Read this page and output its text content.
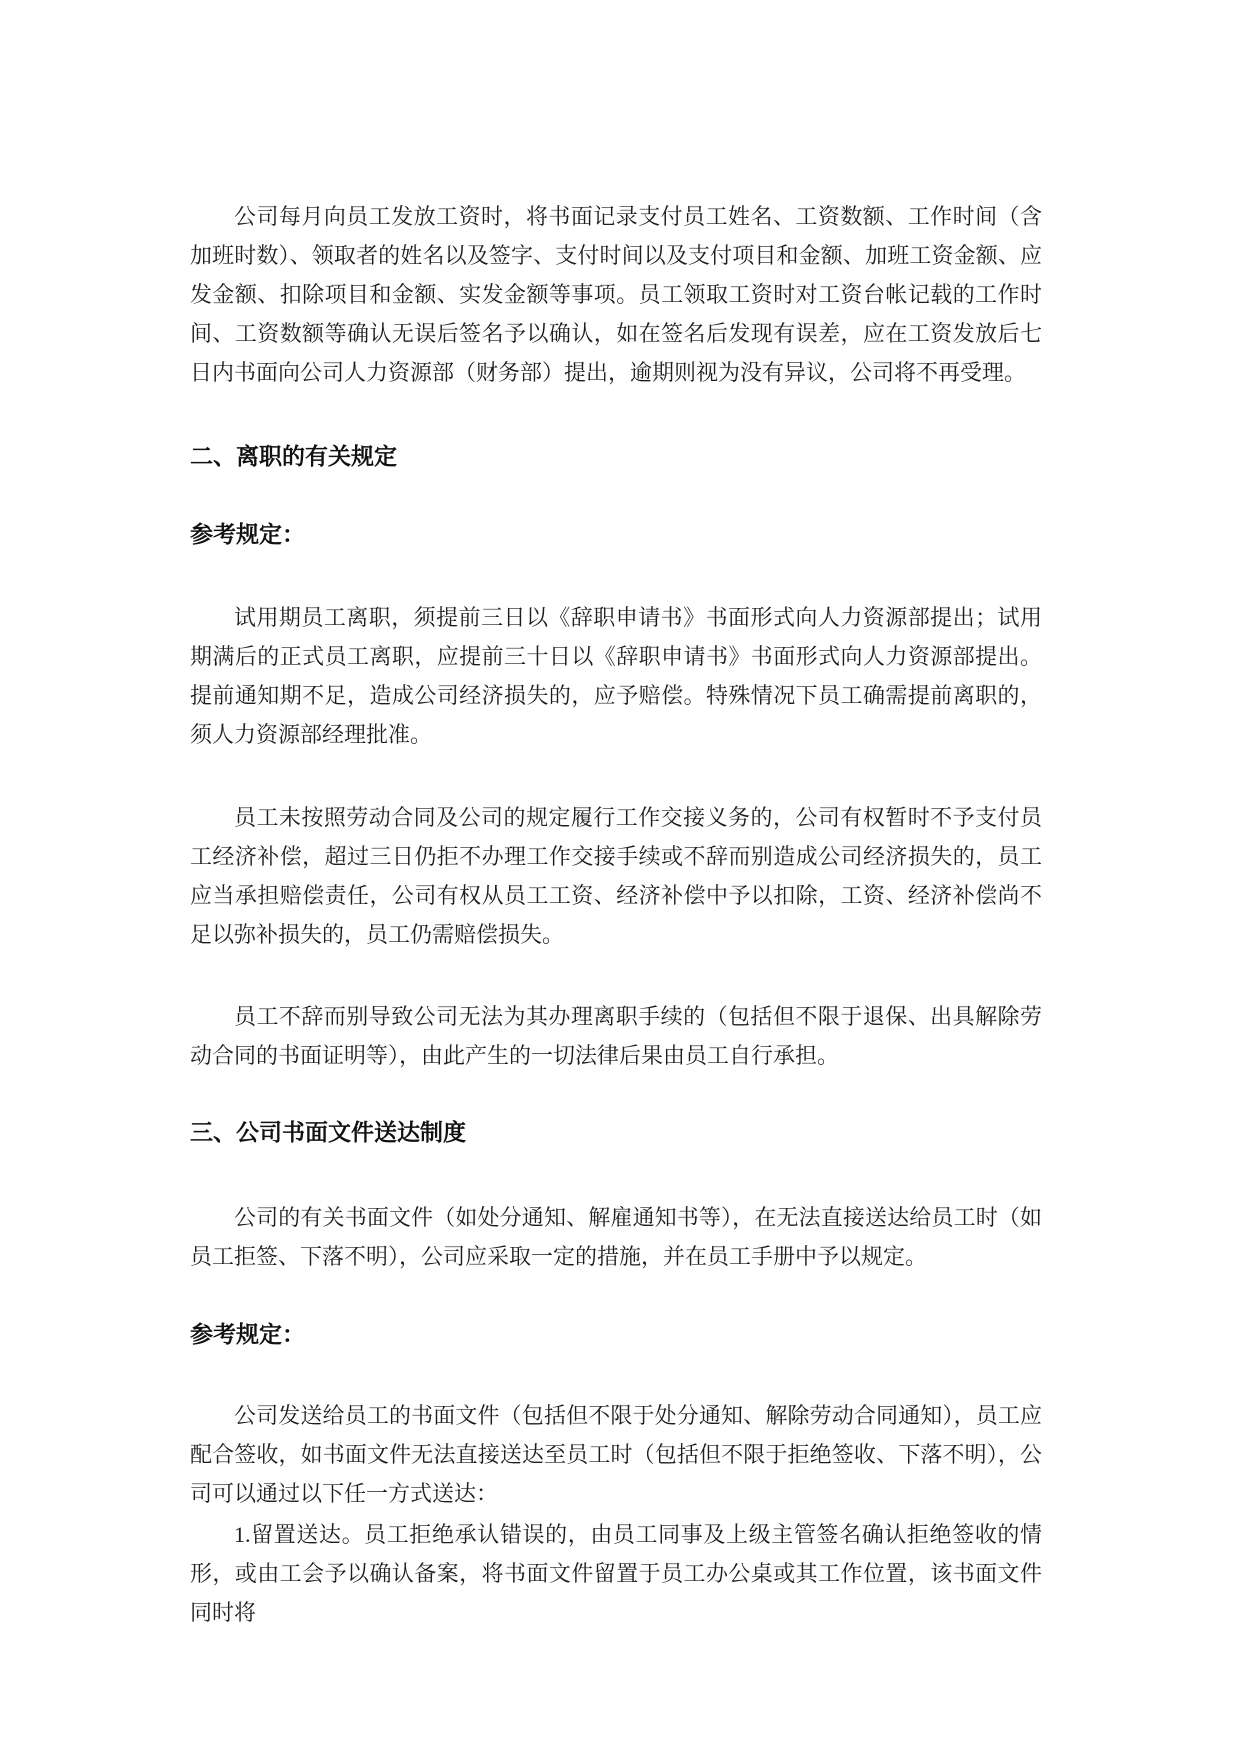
公司每月向员工发放工资时，将书面记录支付员工姓名、工资数额、工作时间（含加班时数）、领取者的姓名以及签字、支付时间以及支付项目和金额、加班工资金额、应发金额、扣除项目和金额、实发金额等事项。员工领取工资时对工资台帐记载的工作时间、工资数额等确认无误后签名予以确认，如在签名后发现有误差，应在工资发放后七日内书面向公司人力资源部（财务部）提出，逾期则视为没有异议，公司将不再受理。

二、离职的有关规定

参考规定：

试用期员工离职，须提前三日以《辞职申请书》书面形式向人力资源部提出；试用期满后的正式员工离职，应提前三十日以《辞职申请书》书面形式向人力资源部提出。提前通知期不足，造成公司经济损失的，应予赔偿。特殊情况下员工确需提前离职的，须人力资源部经理批准。

员工未按照劳动合同及公司的规定履行工作交接义务的，公司有权暂时不予支付员工经济补偿，超过三日仍拒不办理工作交接手续或不辞而别造成公司经济损失的，员工应当承担赔偿责任，公司有权从员工工资、经济补偿中予以扣除，工资、经济补偿尚不足以弥补损失的，员工仍需赔偿损失。

员工不辞而别导致公司无法为其办理离职手续的（包括但不限于退保、出具解除劳动合同的书面证明等），由此产生的一切法律后果由员工自行承担。

三、公司书面文件送达制度

公司的有关书面文件（如处分通知、解雇通知书等），在无法直接送达给员工时（如员工拒签、下落不明），公司应采取一定的措施，并在员工手册中予以规定。

参考规定：

公司发送给员工的书面文件（包括但不限于处分通知、解除劳动合同通知），员工应配合签收，如书面文件无法直接送达至员工时（包括但不限于拒绝签收、下落不明），公司可以通过以下任一方式送达：

1.留置送达。员工拒绝承认错误的，由员工同事及上级主管签名确认拒绝签收的情形，或由工会予以确认备案，将书面文件留置于员工办公桌或其工作位置，该书面文件同时将
